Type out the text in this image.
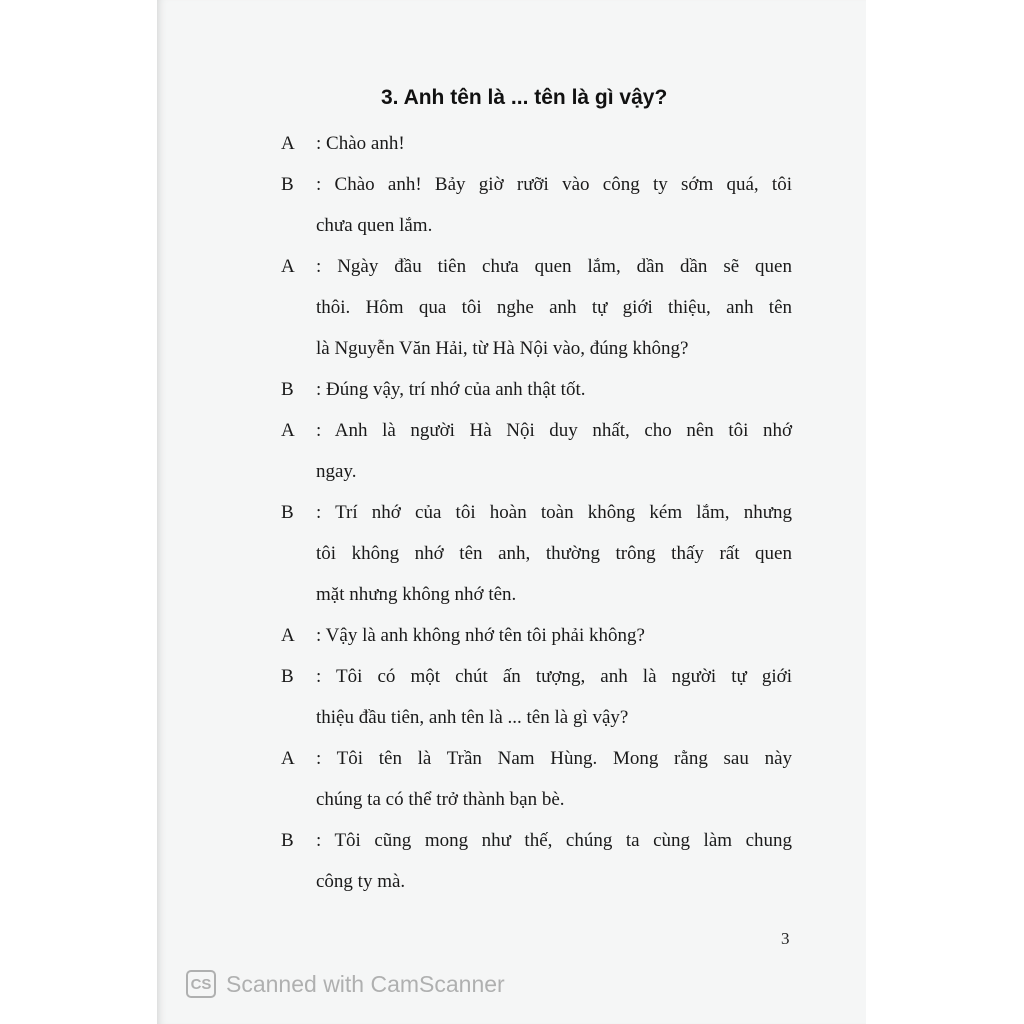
3. Anh tên là ... tên là gì vậy?
A : Chào anh!
B : Chào anh! Bảy giờ rưỡi vào công ty sớm quá, tôi
chưa quen lắm.
A : Ngày đầu tiên chưa quen lắm, dần dần sẽ quen
thôi. Hôm qua tôi nghe anh tự giới thiệu, anh tên
là Nguyễn Văn Hải, từ Hà Nội vào, đúng không?
B : Đúng vậy, trí nhớ của anh thật tốt.
A : Anh là người Hà Nội duy nhất, cho nên tôi nhớ
ngay.
B : Trí nhớ của tôi hoàn toàn không kém lắm, nhưng
tôi không nhớ tên anh, thường trông thấy rất quen
mặt nhưng không nhớ tên.
A : Vậy là anh không nhớ tên tôi phải không?
B : Tôi có một chút ấn tượng, anh là người tự giới
thiệu đầu tiên, anh tên là ... tên là gì vậy?
A : Tôi tên là Trần Nam Hùng. Mong rằng sau này
chúng ta có thể trở thành bạn bè.
B : Tôi cũng mong như thế, chúng ta cùng làm chung
công ty mà.
3
CS Scanned with CamScanner
